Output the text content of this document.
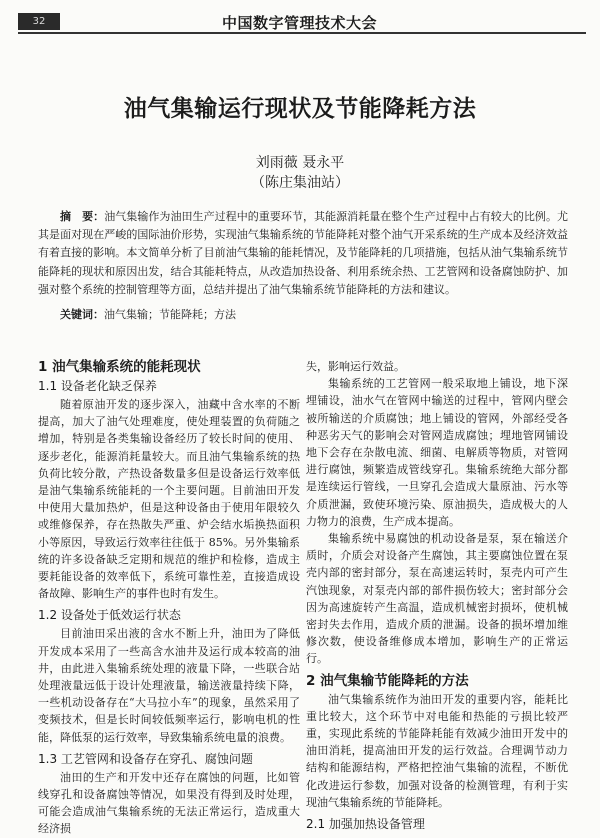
32	中国数字管理技术大会
油气集输运行现状及节能降耗方法
刘雨薇 聂永平
（陈庄集油站）

摘　要：油气集输作为油田生产过程中的重要环节，其能源消耗量在整个生产过程中占有较大的比例。尤其是面对现在严峻的国际油价形势，实现油气集输系统的节能降耗对整个油气开采系统的生产成本及经济效益有着直接的影响。本文简单分析了目前油气集输的能耗情况，及节能降耗的几项措施，包括从油气集输系统节能降耗的现状和原因出发，结合其能耗特点，从改造加热设备、利用系统余热、工艺管网和设备腐蚀防护、加强对整个系统的控制管理等方面，总结并提出了油气集输系统节能降耗的方法和建议。

关键词：油气集输；节能降耗；方法

1 油气集输系统的能耗现状

1.1 设备老化缺乏保养

随着原油开发的逐步深入，油藏中含水率的不断提高，加大了油气处理难度，使处理装置的负荷随之增加，特别是各类集输设备经历了较长时间的使用、逐步老化，能源消耗量较大。而且油气集输系统的热负荷比较分散，产热设备数量多但是设备运行效率低是油气集输系统能耗的一个主要问题。目前油田开发中使用大量加热炉，但是这种设备由于使用年限较久或维修保养，存在热散失严重、炉会结水垢换热面积小等原因，导致运行效率往往低于 85%。另外集输系统的许多设备缺乏定期和规范的维护和检修，造成主要耗能设备的效率低下，系统可靠性差，直接造成设备故障、影响生产的事件也时有发生。

1.2 设备处于低效运行状态

目前油田采出液的含水不断上升，油田为了降低开发成本采用了一些高含水油井及运行成本较高的油井，由此进入集输系统处理的液量下降，一些联合站处理液量远低于设计处理液量，输送液量持续下降，一些机动设备存在“大马拉小车”的现象，虽然采用了变频技术，但是长时间较低频率运行，影响电机的性能，降低泵的运行效率，导致集输系统电量的浪费。

1.3 工艺管网和设备存在穿孔、腐蚀问题

油田的生产和开发中还存在腐蚀的问题，比如管线穿孔和设备腐蚀等情况，如果没有得到及时处理，可能会造成油气集输系统的无法正常运行，造成重大经济损

失，影响运行效益。

集输系统的工艺管网一般采取地上铺设，地下深埋铺设，油水气在管网中输送的过程中，管网内壁会被所输送的介质腐蚀；地上铺设的管网，外部经受各种恶劣天气的影响会对管网造成腐蚀；埋地管网铺设地下会存在杂散电流、细菌、电解质等物质，对管网进行腐蚀，频繁造成管线穿孔。集输系统绝大部分都是连续运行管线，一旦穿孔会造成大量原油、污水等介质泄漏，致使环境污染、原油损失，造成极大的人力物力的浪费，生产成本提高。

集输系统中易腐蚀的机动设备是泵，泵在输送介质时，介质会对设备产生腐蚀，其主要腐蚀位置在泵壳内部的密封部分，泵在高速运转时，泵壳内可产生汽蚀现象，对泵壳内部的部件损伤较大；密封部分会因为高速旋转产生高温，造成机械密封损坏，使机械密封失去作用，造成介质的泄漏。设备的损坏增加维修次数，使设备维修成本增加，影响生产的正常运行。

2 油气集输节能降耗的方法

油气集输系统作为油田开发的重要内容，能耗比重比较大，这个环节中对电能和热能的亏损比较严重，实现此系统的节能降耗能有效减少油田开发中的油田消耗，提高油田开发的运行效益。合理调节动力结构和能源结构，严格把控油气集输的流程，不断优化改进运行参数，加强对设备的检测管理，有利于实现油气集输系统的节能降耗。

2.1 加强加热设备管理
